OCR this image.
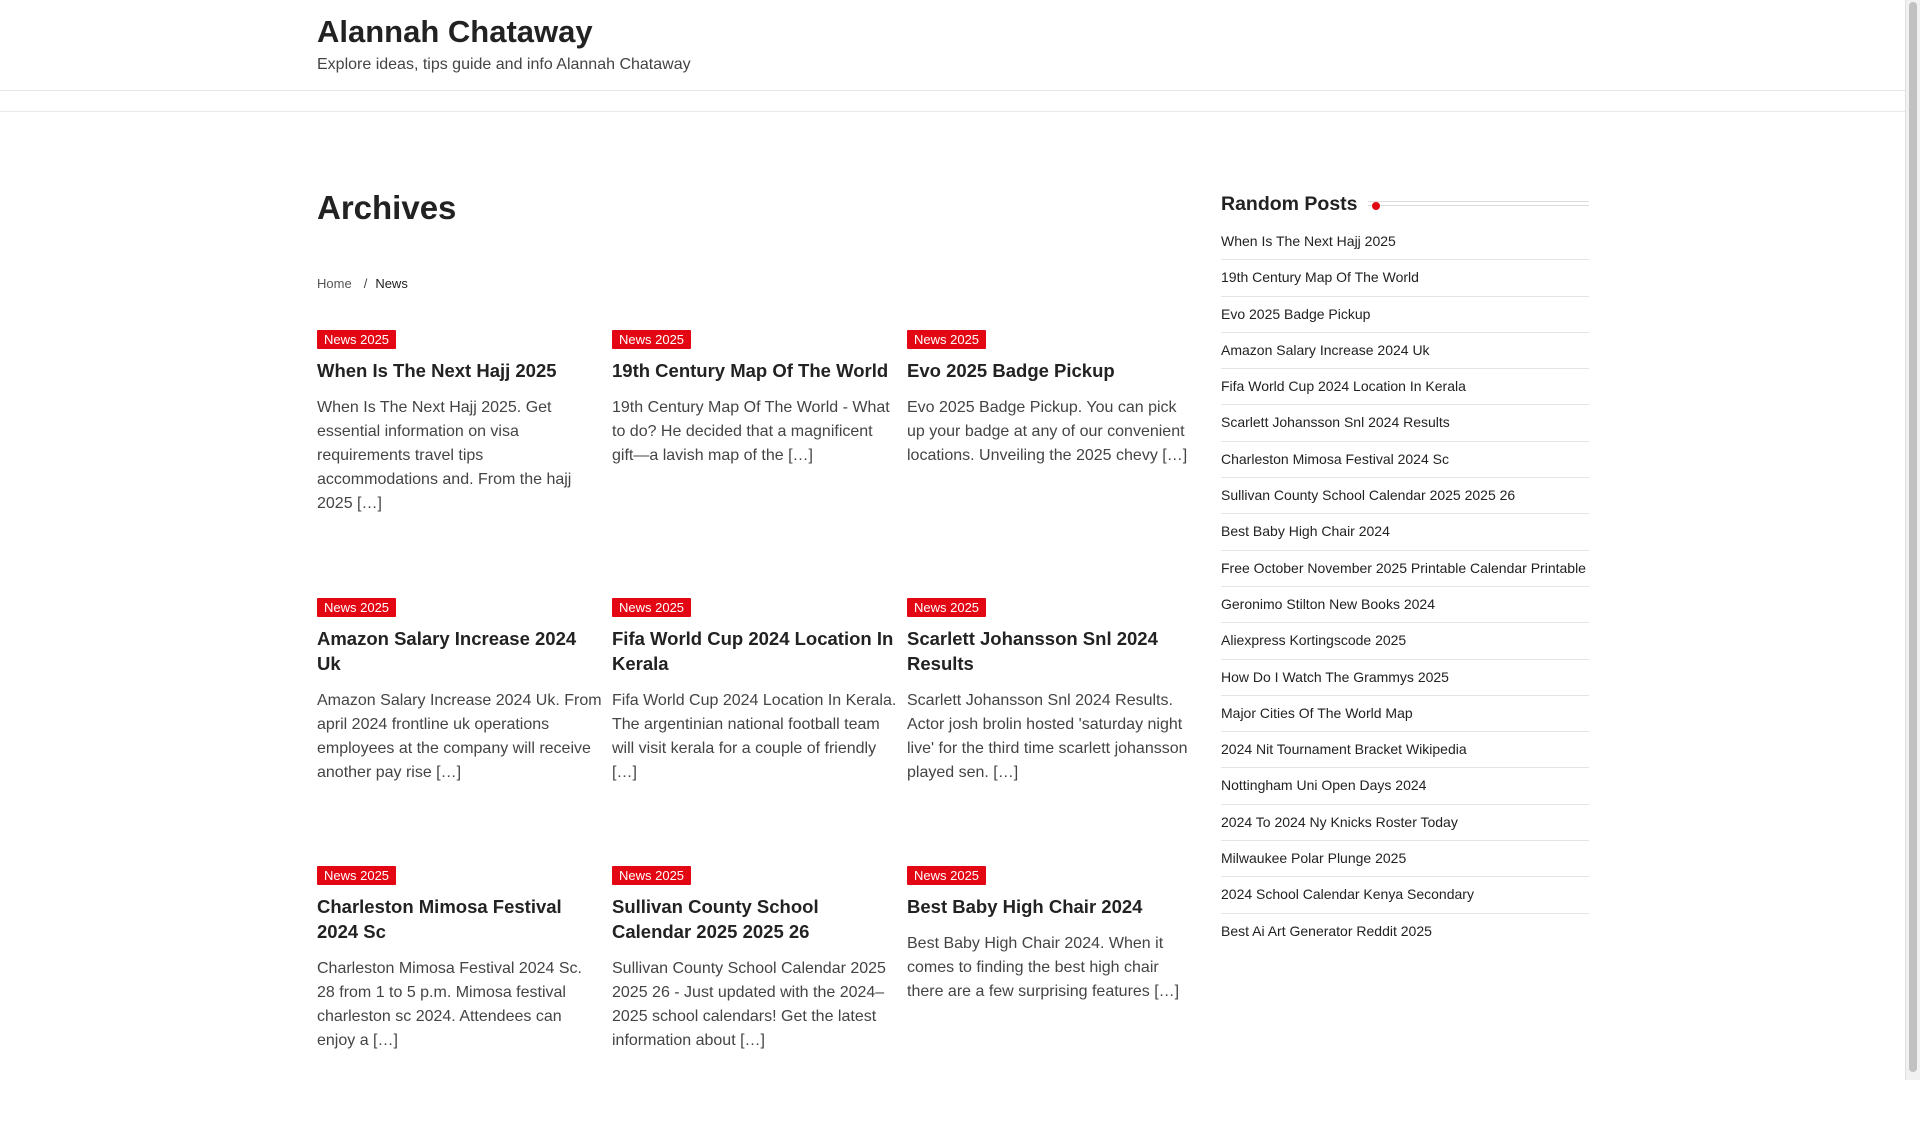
Alannah Chataway
Explore ideas, tips guide and info Alannah Chataway
Archives
Home / News
News 2025
When Is The Next Hajj 2025

When Is The Next Hajj 2025. Get essential information on visa requirements travel tips accommodations and. From the hajj 2025 […]

News 2025
19th Century Map Of The World

19th Century Map Of The World - What to do? He decided that a magnificent gift—a lavish map of the […]

News 2025
Evo 2025 Badge Pickup

Evo 2025 Badge Pickup. You can pick up your badge at any of our convenient locations. Unveiling the 2025 chevy […]

News 2025
Amazon Salary Increase 2024 Uk

Amazon Salary Increase 2024 Uk. From april 2024 frontline uk operations employees at the company will receive another pay rise […]

News 2025
Fifa World Cup 2024 Location In Kerala

Fifa World Cup 2024 Location In Kerala. The argentinian national football team will visit kerala for a couple of friendly […]

News 2025
Scarlett Johansson Snl 2024 Results

Scarlett Johansson Snl 2024 Results. Actor josh brolin hosted 'saturday night live' for the third time scarlett johansson played sen. […]

News 2025
Charleston Mimosa Festival 2024 Sc

Charleston Mimosa Festival 2024 Sc. 28 from 1 to 5 p.m. Mimosa festival charleston sc 2024. Attendees can enjoy a […]

News 2025
Sullivan County School Calendar 2025 2025 26

Sullivan County School Calendar 2025 2025 26 - Just updated with the 2024–2025 school calendars! Get the latest information about […]

News 2025
Best Baby High Chair 2024

Best Baby High Chair 2024. When it comes to finding the best high chair there are a few surprising features […]

Random Posts
When Is The Next Hajj 2025
19th Century Map Of The World
Evo 2025 Badge Pickup
Amazon Salary Increase 2024 Uk
Fifa World Cup 2024 Location In Kerala
Scarlett Johansson Snl 2024 Results
Charleston Mimosa Festival 2024 Sc
Sullivan County School Calendar 2025 2025 26
Best Baby High Chair 2024
Free October November 2025 Printable Calendar Printable
Geronimo Stilton New Books 2024
Aliexpress Kortingscode 2025
How Do I Watch The Grammys 2025
Major Cities Of The World Map
2024 Nit Tournament Bracket Wikipedia
Nottingham Uni Open Days 2024
2024 To 2024 Ny Knicks Roster Today
Milwaukee Polar Plunge 2025
2024 School Calendar Kenya Secondary
Best Ai Art Generator Reddit 2025
